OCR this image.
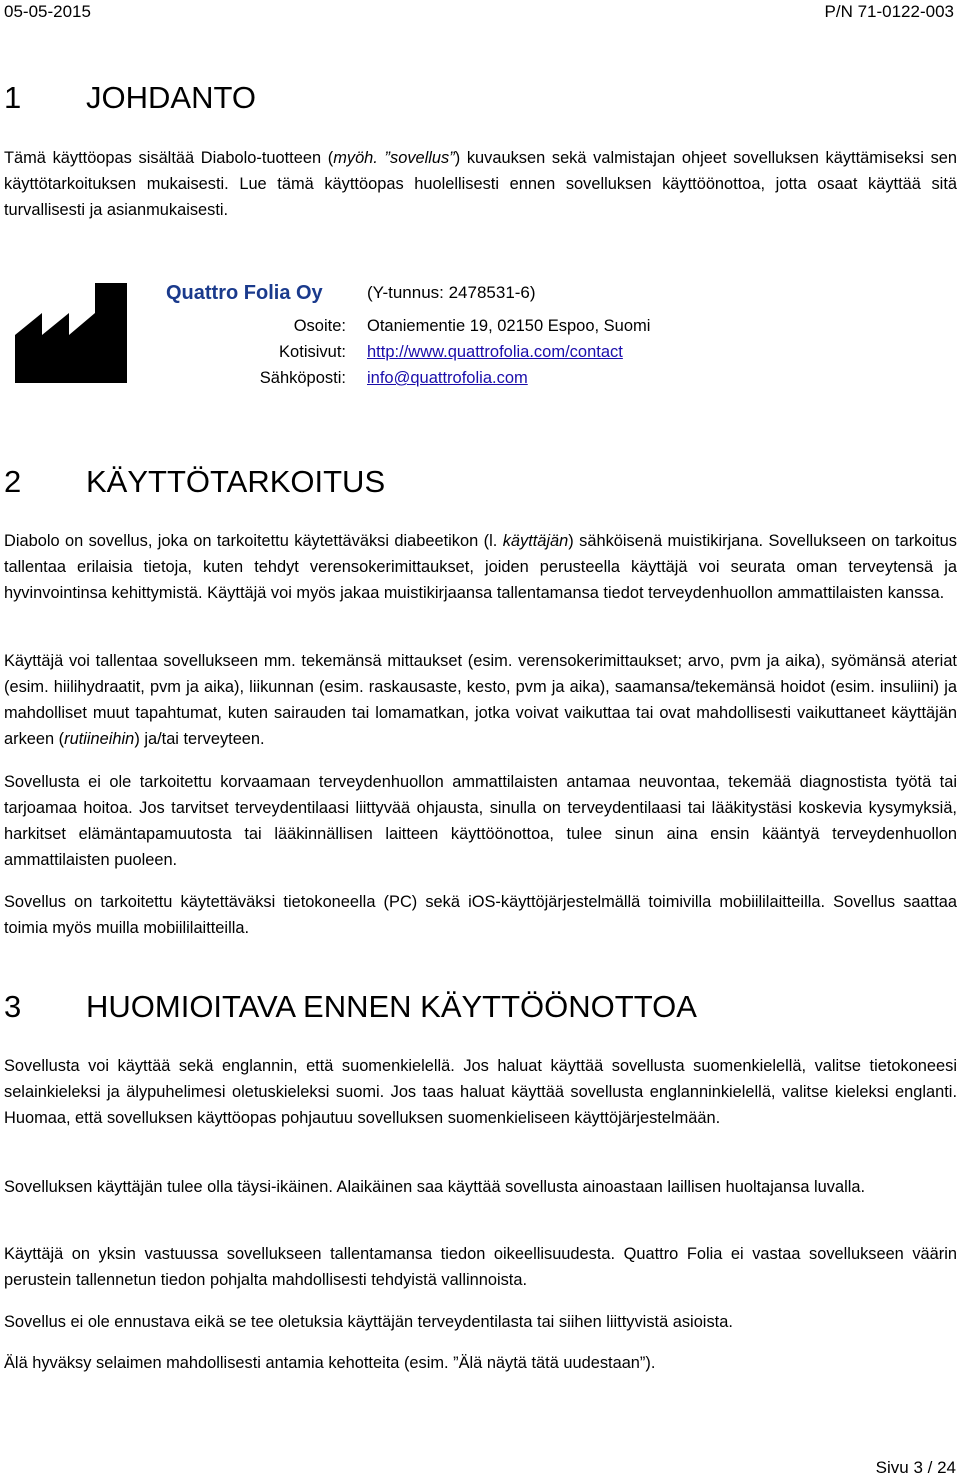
05-05-2015	P/N 71-0122-003
1 JOHDANTO

Tämä käyttöopas sisältää Diabolo-tuotteen (myöh. ”sovellus”) kuvauksen sekä valmistajan ohjeet sovelluksen käyttämiseksi sen käyttötarkoituksen mukaisesti. Lue tämä käyttöopas huolellisesti ennen sovelluksen käyttöönottoa, jotta osaat käyttää sitä turvallisesti ja asianmukaisesti.

Quattro Folia Oy	(Y-tunnus: 2478531-6)
Osoite: Otaniementie 19, 02150 Espoo, Suomi
Kotisivut: http://www.quattrofolia.com/contact
Sähköposti: info@quattrofolia.com
2 KÄYTTÖTARKOITUS

Diabolo on sovellus, joka on tarkoitettu käytettäväksi diabeetikon (l. käyttäjän) sähköisenä muistikirjana. Sovellukseen on tarkoitus tallentaa erilaisia tietoja, kuten tehdyt verensokerimittaukset, joiden perusteella käyttäjä voi seurata oman terveytensä ja hyvinvointinsa kehittymistä. Käyttäjä voi myös jakaa muistikirjaansa tallentamansa tiedot terveydenhuollon ammattilaisten kanssa.

Käyttäjä voi tallentaa sovellukseen mm. tekemänsä mittaukset (esim. verensokerimittaukset; arvo, pvm ja aika), syömänsä ateriat (esim. hiilihydraatit, pvm ja aika), liikunnan (esim. raskausaste, kesto, pvm ja aika), saamansa/tekemänsä hoidot (esim. insuliini) ja mahdolliset muut tapahtumat, kuten sairauden tai lomamatkan, jotka voivat vaikuttaa tai ovat mahdollisesti vaikuttaneet käyttäjän arkeen (rutiineihin) ja/tai terveyteen.

Sovellusta ei ole tarkoitettu korvaamaan terveydenhuollon ammattilaisten antamaa neuvontaa, tekemää diagnostista työtä tai tarjoamaa hoitoa. Jos tarvitset terveydentilaasi liittyvää ohjausta, sinulla on terveydentilaasi tai lääkitystäsi koskevia kysymyksiä, harkitset elämäntapamuutosta tai lääkinnällisen laitteen käyttöönottoa, tulee sinun aina ensin kääntyä terveydenhuollon ammattilaisten puoleen.

Sovellus on tarkoitettu käytettäväksi tietokoneella (PC) sekä iOS-käyttöjärjestelmällä toimivilla mobiililaitteilla. Sovellus saattaa toimia myös muilla mobiililaitteilla.

3 HUOMIOITAVA ENNEN KÄYTTÖÖNOTTOA

Sovellusta voi käyttää sekä englannin, että suomenkielellä. Jos haluat käyttää sovellusta suomenkielellä, valitse tietokoneesi selainkieleksi ja älypuhelimesi oletuskieleksi suomi. Jos taas haluat käyttää sovellusta englanninkielellä, valitse kieleksi englanti. Huomaa, että sovelluksen käyttöopas pohjautuu sovelluksen suomenkieliseen käyttöjärjestelmään.

Sovelluksen käyttäjän tulee olla täysi-ikäinen. Alaikäinen saa käyttää sovellusta ainoastaan laillisen huoltajansa luvalla.

Käyttäjä on yksin vastuussa sovellukseen tallentamansa tiedon oikeellisuudesta. Quattro Folia ei vastaa sovellukseen väärin perustein tallennetun tiedon pohjalta mahdollisesti tehdyistä vallinnoista.

Sovellus ei ole ennustava eikä se tee oletuksia käyttäjän terveydentilasta tai siihen liittyvistä asioista.

Älä hyväksy selaimen mahdollisesti antamia kehotteita (esim. ”Älä näytä tätä uudestaan”).

Sivu 3 / 24
